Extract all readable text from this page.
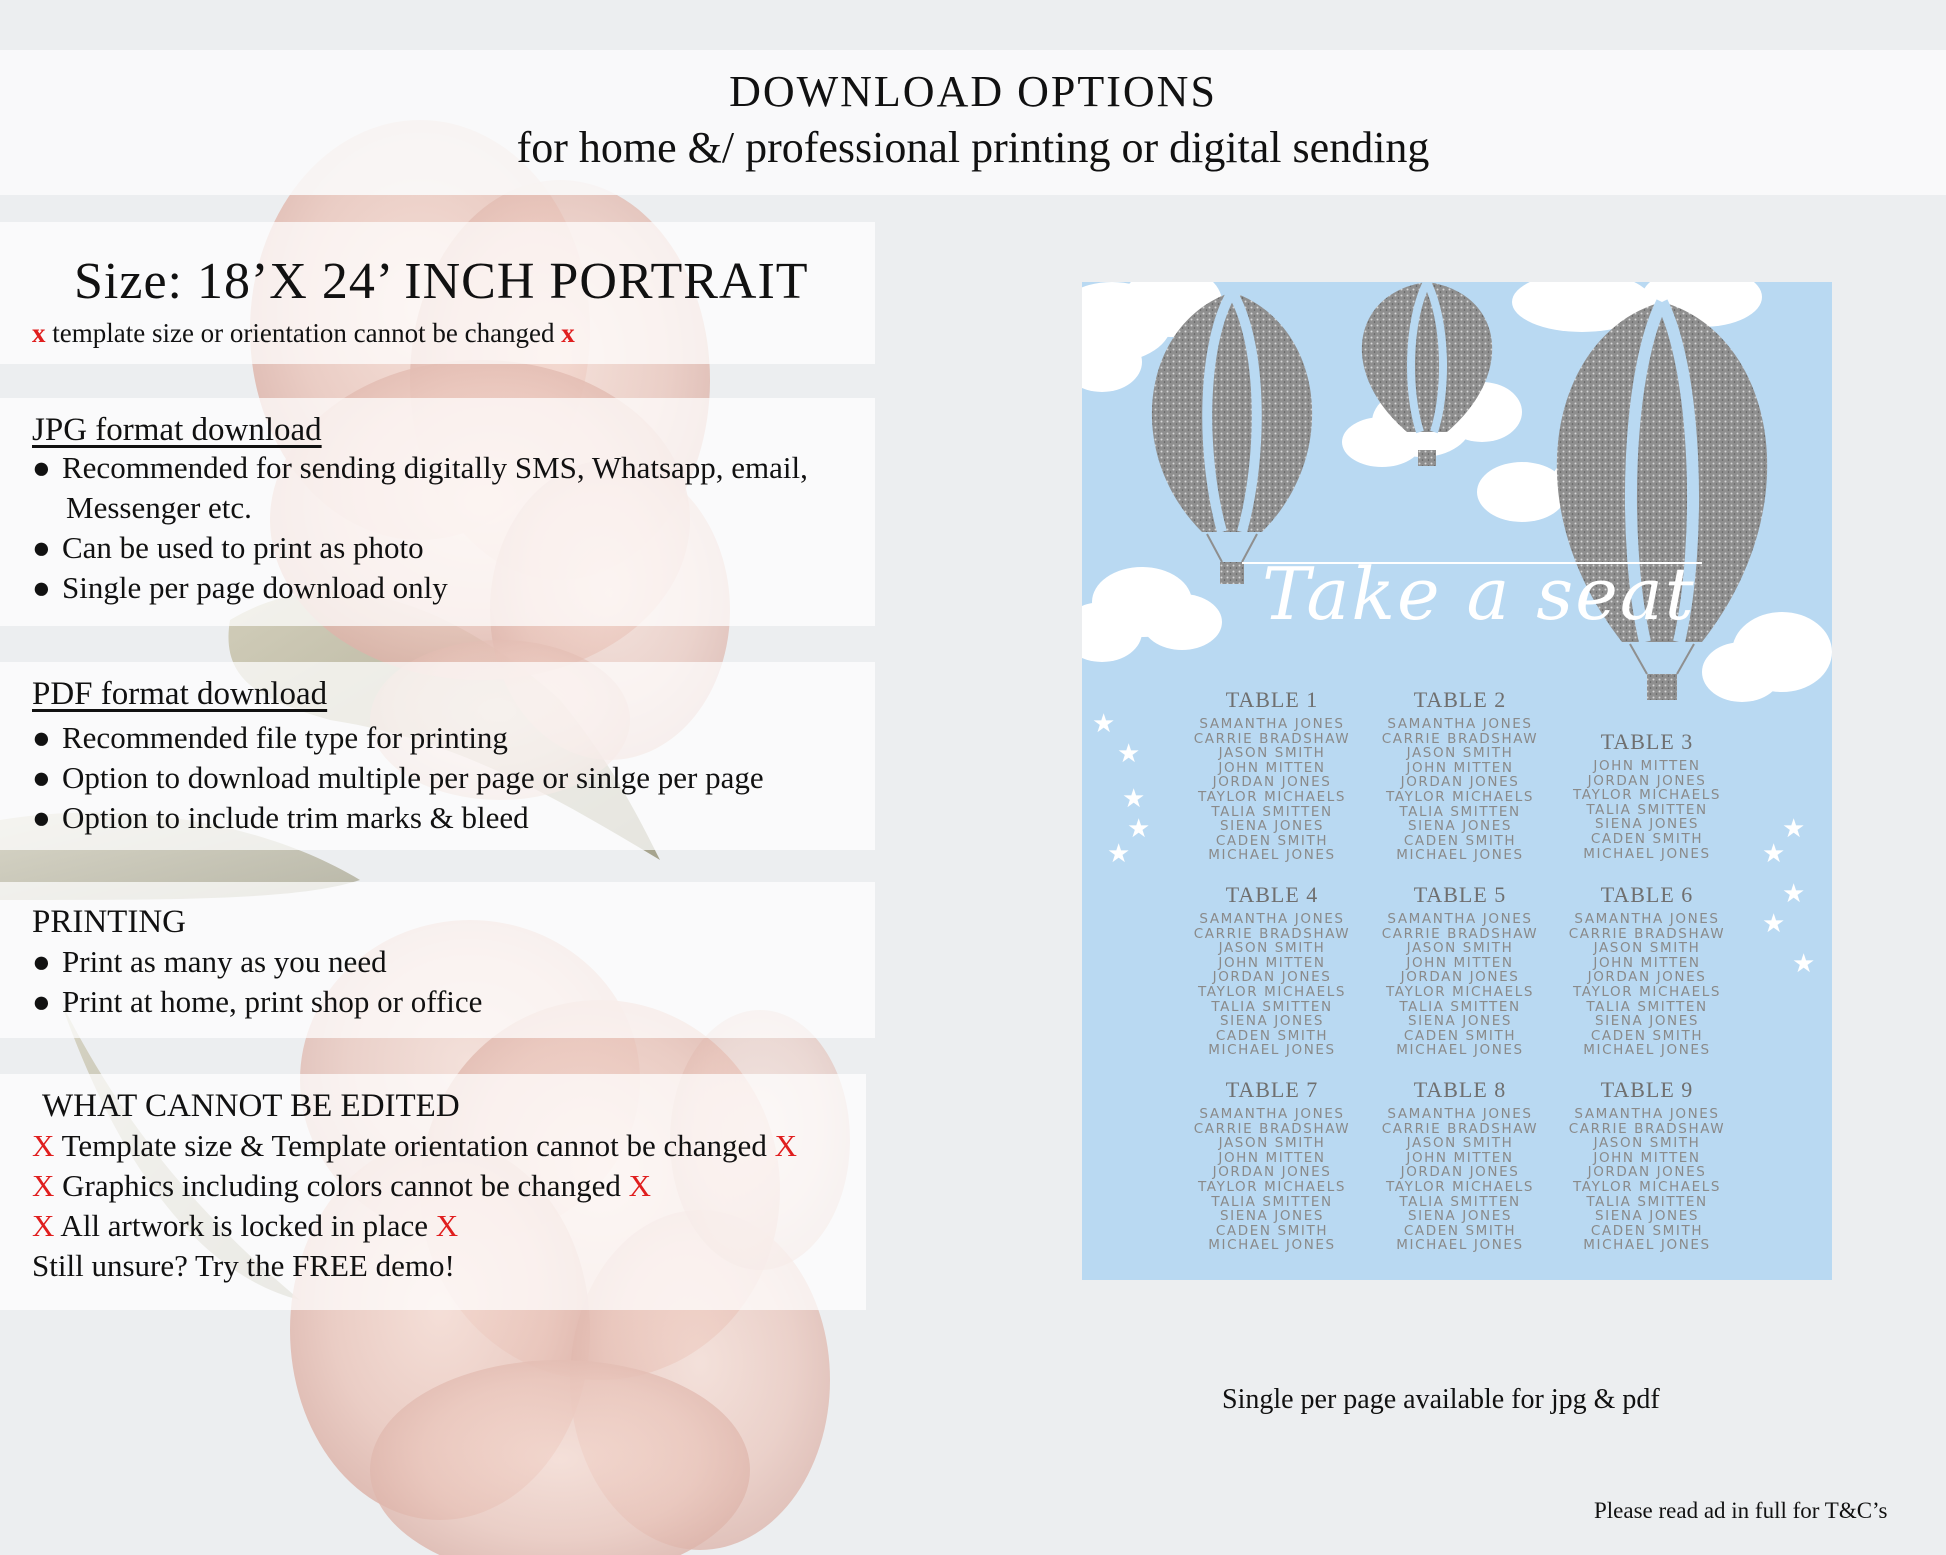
DOWNLOAD OPTIONS
for home &/ professional printing or digital sending
Size: 18’X 24’ INCH PORTRAIT
x template size or orientation cannot be changed x
JPG format download
● Recommended for sending digitally SMS, Whatsapp, email,
Messenger etc.
● Can be used to print as photo
● Single per page download only
PDF format download
● Recommended file type for printing
● Option to download multiple per page or sinlge per page
● Option to include trim marks & bleed
PRINTING
● Print as many as you need
● Print at home, print shop or office
WHAT CANNOT BE EDITED
X Template size & Template orientation cannot be changed X
X Graphics including colors cannot be changed X
X All artwork is locked in place X
Still unsure? Try the FREE demo!
★
★
★
★
★
★
★
★
★
★
Take a seat
TABLE 1
SAMANTHA JONES
CARRIE BRADSHAW
JASON SMITH
JOHN MITTEN
JORDAN JONES
TAYLOR MICHAELS
TALIA SMITTEN
SIENA JONES
CADEN SMITH
MICHAEL JONES
TABLE 2
SAMANTHA JONES
CARRIE BRADSHAW
JASON SMITH
JOHN MITTEN
JORDAN JONES
TAYLOR MICHAELS
TALIA SMITTEN
SIENA JONES
CADEN SMITH
MICHAEL JONES
TABLE 3
JOHN MITTEN
JORDAN JONES
TAYLOR MICHAELS
TALIA SMITTEN
SIENA JONES
CADEN SMITH
MICHAEL JONES
TABLE 4
SAMANTHA JONES
CARRIE BRADSHAW
JASON SMITH
JOHN MITTEN
JORDAN JONES
TAYLOR MICHAELS
TALIA SMITTEN
SIENA JONES
CADEN SMITH
MICHAEL JONES
TABLE 5
SAMANTHA JONES
CARRIE BRADSHAW
JASON SMITH
JOHN MITTEN
JORDAN JONES
TAYLOR MICHAELS
TALIA SMITTEN
SIENA JONES
CADEN SMITH
MICHAEL JONES
TABLE 6
SAMANTHA JONES
CARRIE BRADSHAW
JASON SMITH
JOHN MITTEN
JORDAN JONES
TAYLOR MICHAELS
TALIA SMITTEN
SIENA JONES
CADEN SMITH
MICHAEL JONES
TABLE 7
SAMANTHA JONES
CARRIE BRADSHAW
JASON SMITH
JOHN MITTEN
JORDAN JONES
TAYLOR MICHAELS
TALIA SMITTEN
SIENA JONES
CADEN SMITH
MICHAEL JONES
TABLE 8
SAMANTHA JONES
CARRIE BRADSHAW
JASON SMITH
JOHN MITTEN
JORDAN JONES
TAYLOR MICHAELS
TALIA SMITTEN
SIENA JONES
CADEN SMITH
MICHAEL JONES
TABLE 9
SAMANTHA JONES
CARRIE BRADSHAW
JASON SMITH
JOHN MITTEN
JORDAN JONES
TAYLOR MICHAELS
TALIA SMITTEN
SIENA JONES
CADEN SMITH
MICHAEL JONES
Single per page available for jpg & pdf
Please read ad in full for T&C’s
